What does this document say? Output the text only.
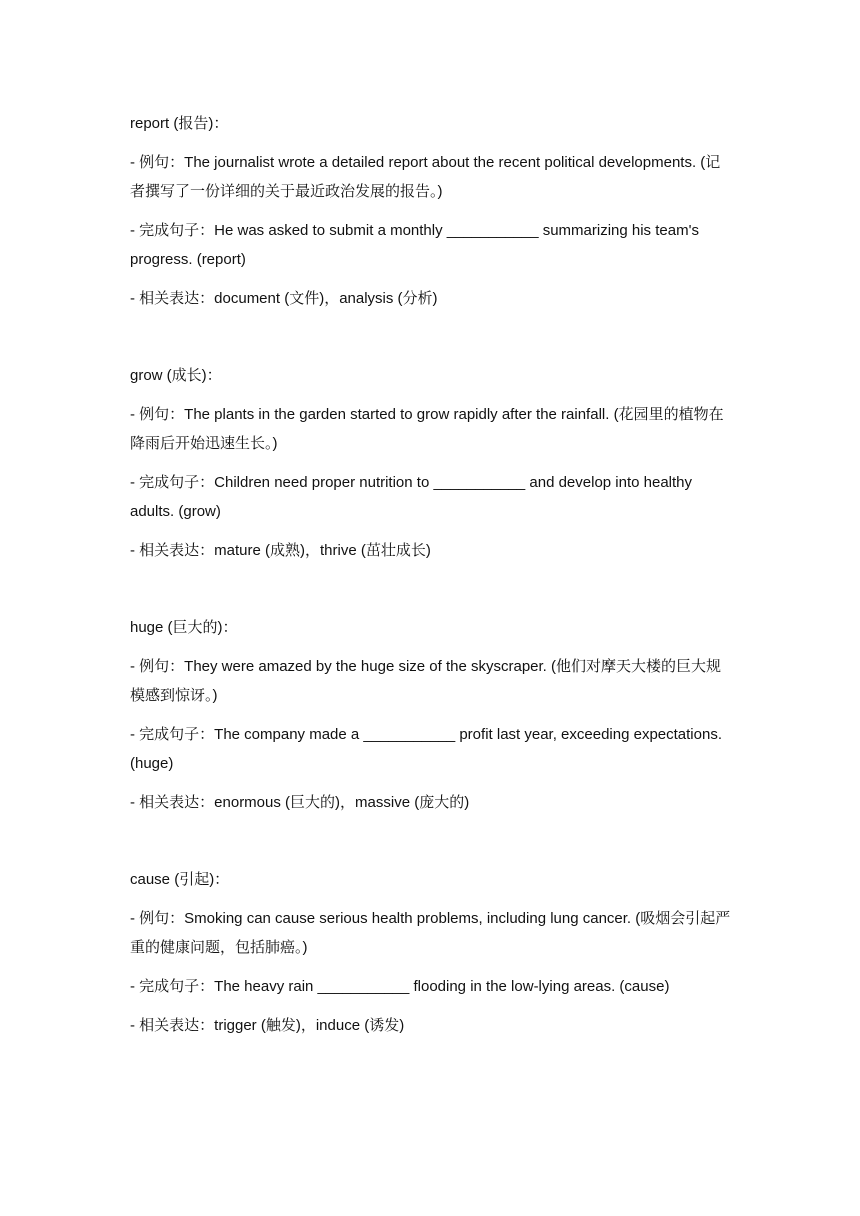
report (报告)：

- 例句：The journalist wrote a detailed report about the recent political developments. (记者撰写了一份详细的关于最近政治发展的报告。)

- 完成句子：He was asked to submit a monthly ___________ summarizing his team's progress. (report)

- 相关表达：document (文件)，analysis (分析)

grow (成长)：

- 例句：The plants in the garden started to grow rapidly after the rainfall. (花园里的植物在降雨后开始迅速生长。)

- 完成句子：Children need proper nutrition to ___________ and develop into healthy adults. (grow)

- 相关表达：mature (成熟)，thrive (茁壮成长)

huge (巨大的)：

- 例句：They were amazed by the huge size of the skyscraper. (他们对摩天大楼的巨大规模感到惊讶。)

- 完成句子：The company made a ___________ profit last year, exceeding expectations. (huge)

- 相关表达：enormous (巨大的)，massive (庞大的)

cause (引起)：

- 例句：Smoking can cause serious health problems, including lung cancer. (吸烟会引起严重的健康问题，包括肺癌。)

- 完成句子：The heavy rain ___________ flooding in the low-lying areas. (cause)

- 相关表达：trigger (触发)，induce (诱发)
